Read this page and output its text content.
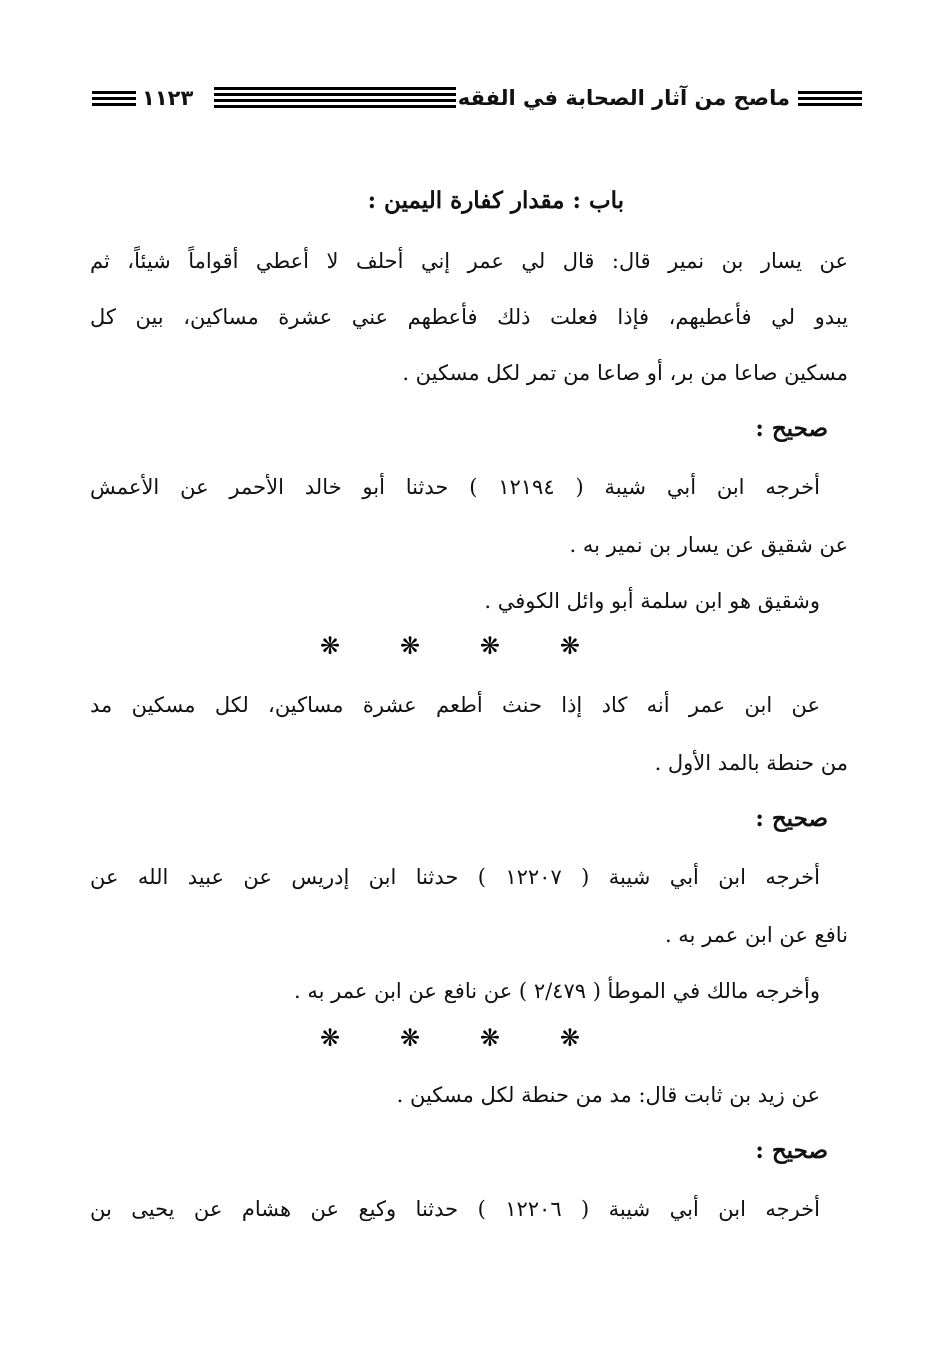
ماصح من آثار الصحابة في الفقه
١١٢٣
باب : مقدار كفارة اليمين :
عن يسار بن نمير قال: قال لي عمر إني أحلف لا أعطي أقواماً شيئاً، ثم
يبدو لي فأعطيهم، فإذا فعلت ذلك فأعطهم عني عشرة مساكين، بين كل
مسكين صاعا من بر، أو صاعا من تمر لكل مسكين .
صحيح :
أخرجه ابن أبي شيبة ( ١٢١٩٤ ) حدثنا أبو خالد الأحمر عن الأعمش
عن شقيق عن يسار بن نمير به .
وشقيق هو ابن سلمة أبو وائل الكوفي .
❋ ❋ ❋ ❋
عن ابن عمر أنه كاد إذا حنث أطعم عشرة مساكين، لكل مسكين مد
من حنطة بالمد الأول .
صحيح :
أخرجه ابن أبي شيبة ( ١٢٢٠٧ ) حدثنا ابن إدريس عن عبيد الله عن
نافع عن ابن عمر به .
وأخرجه مالك في الموطأ ( ٢/٤٧٩ ) عن نافع عن ابن عمر به .
❋ ❋ ❋ ❋
عن زيد بن ثابت قال: مد من حنطة لكل مسكين .
صحيح :
أخرجه ابن أبي شيبة ( ١٢٢٠٦ ) حدثنا وكيع عن هشام عن يحيى بن
